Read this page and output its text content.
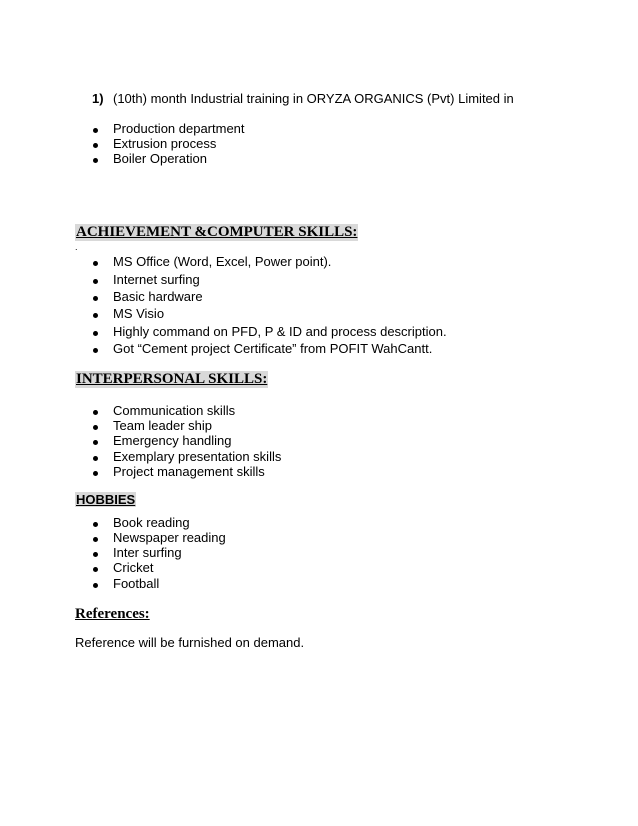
1) (10th) month Industrial training in ORYZA ORGANICS (Pvt) Limited in
Production department
Extrusion process
Boiler Operation
ACHIEVEMENT &COMPUTER SKILLS:
.
MS Office (Word, Excel, Power point).
Internet surfing
Basic hardware
MS Visio
Highly command on PFD, P & ID and process description.
Got “Cement project Certificate” from POFIT WahCantt.
INTERPERSONAL SKILLS:
Communication skills
Team leader ship
Emergency handling
Exemplary presentation skills
Project management skills
HOBBIES
Book reading
Newspaper reading
Inter surfing
Cricket
Football
References:
Reference will be furnished on demand.
